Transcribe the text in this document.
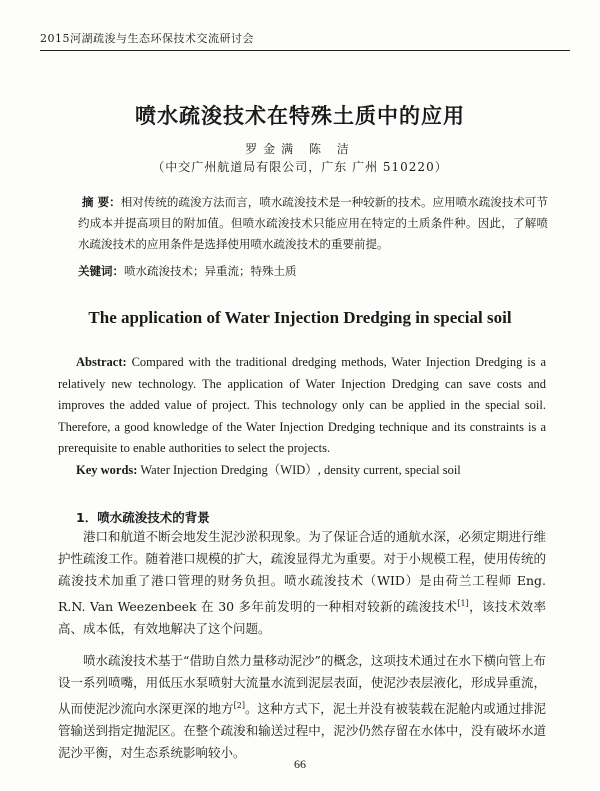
2015河湖疏浚与生态环保技术交流研讨会
喷水疏浚技术在特殊土质中的应用
罗金满 陈 洁
（中交广州航道局有限公司，广东 广州 510220）
摘 要：相对传统的疏浚方法而言，喷水疏浚技术是一种较新的技术。应用喷水疏浚技术可节约成本并提高项目的附加值。但喷水疏浚技术只能应用在特定的土质条件种。因此，了解喷水疏浚技术的应用条件是选择使用喷水疏浚技术的重要前提。
关键词：喷水疏浚技术；异重流；特殊土质
The application of Water Injection Dredging in special soil
Abstract: Compared with the traditional dredging methods, Water Injection Dredging is a relatively new technology. The application of Water Injection Dredging can save costs and improves the added value of project. This technology only can be applied in the special soil. Therefore, a good knowledge of the Water Injection Dredging technique and its constraints is a prerequisite to enable authorities to select the projects.
Key words: Water Injection Dredging（WID）, density current, special soil
1．喷水疏浚技术的背景

港口和航道不断会地发生泥沙淤积现象。为了保证合适的通航水深，必须定期进行维护性疏浚工作。随着港口规模的扩大，疏浚显得尤为重要。对于小规模工程，使用传统的疏浚技术加重了港口管理的财务负担。喷水疏浚技术（WID）是由荷兰工程师 Eng. R.N. Van Weezenbeek 在 30 多年前发明的一种相对较新的疏浚技术[1]，该技术效率高、成本低，有效地解决了这个问题。

喷水疏浚技术基于“借助自然力量移动泥沙”的概念，这项技术通过在水下横向管上布设一系列喷嘴，用低压水泵喷射大流量水流到泥层表面，使泥沙表层液化，形成异重流，从而使泥沙流向水深更深的地方[2]。这种方式下，泥土并没有被装载在泥舱内或通过排泥管输送到指定抛泥区。在整个疏浚和输送过程中，泥沙仍然存留在水体中，没有破坏水道泥沙平衡，对生态系统影响较小。

66
